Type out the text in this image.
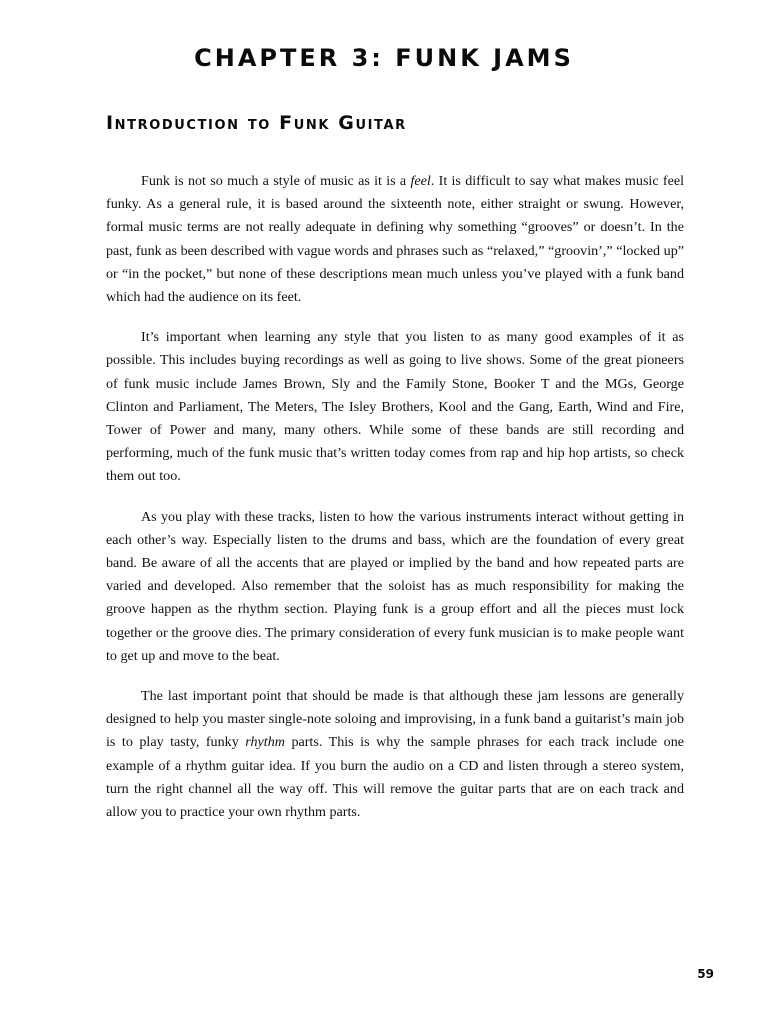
CHAPTER 3: FUNK JAMS
Introduction to Funk Guitar

Funk is not so much a style of music as it is a feel. It is difficult to say what makes music feel funky. As a general rule, it is based around the sixteenth note, either straight or swung. However, formal music terms are not really adequate in defining why something “grooves” or doesn’t. In the past, funk as been described with vague words and phrases such as “relaxed,” “groovin’,” “locked up” or “in the pocket,” but none of these descriptions mean much unless you’ve played with a funk band which had the audience on its feet.

It’s important when learning any style that you listen to as many good examples of it as possible. This includes buying recordings as well as going to live shows. Some of the great pioneers of funk music include James Brown, Sly and the Family Stone, Booker T and the MGs, George Clinton and Parliament, The Meters, The Isley Brothers, Kool and the Gang, Earth, Wind and Fire, Tower of Power and many, many others. While some of these bands are still recording and performing, much of the funk music that’s written today comes from rap and hip hop artists, so check them out too.

As you play with these tracks, listen to how the various instruments interact without getting in each other’s way. Especially listen to the drums and bass, which are the foundation of every great band. Be aware of all the accents that are played or implied by the band and how repeated parts are varied and developed. Also remember that the soloist has as much responsibility for making the groove happen as the rhythm section. Playing funk is a group effort and all the pieces must lock together or the groove dies. The primary consideration of every funk musician is to make people want to get up and move to the beat.

The last important point that should be made is that although these jam lessons are generally designed to help you master single-note soloing and improvising, in a funk band a guitarist’s main job is to play tasty, funky rhythm parts. This is why the sample phrases for each track include one example of a rhythm guitar idea. If you burn the audio on a CD and listen through a stereo system, turn the right channel all the way off. This will remove the guitar parts that are on each track and allow you to practice your own rhythm parts.

59
